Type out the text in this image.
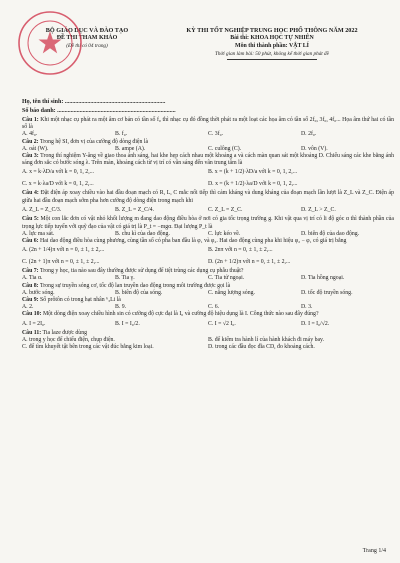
BỘ GIÁO DỤC VÀ ĐÀO TẠO
ĐỀ THI THAM KHẢO
(Đề thi có 04 trang)
KỲ THI TỐT NGHIỆP TRUNG HỌC PHỔ THÔNG NĂM 2022
Bài thi: KHOA HỌC TỰ NHIÊN
Môn thi thành phần: VẬT LÍ
Thời gian làm bài: 50 phút, không kể thời gian phát đề
Họ, tên thí sinh: ...................................................................
Số báo danh: ...............................................................................
Câu 1: Khi một nhạc cụ phát ra một âm cơ bản có tần số f₀ thì nhạc cụ đó đồng thời phát ra một loạt các họa âm có tần số 2f₀, 3f₀, 4f₀... Họa âm thứ hai có tần số là
A. 4f₀.	B. f₀.	C. 3f₀.	D. 2f₀.
Câu 2: Trong hệ SI, đơn vị của cường độ dòng điện là
A. oát (W).	B. ampe (A).	C. culông (C).	D. vôn (V).
Câu 3: Trong thí nghiệm Y-âng về giao thoa ánh sáng, hai khe hẹp cách nhau một khoảng a và cách màn quan sát một khoảng D. Chiếu sáng các khe bằng ánh sáng đơn sắc có bước sóng λ. Trên màn, khoảng cách từ vị trí có vân sáng đến vân trung tâm là
A. x = k·λD/a với k = 0, 1, 2,...	B. x = (k + 1/2)·λD/a với k = 0, 1, 2,...
C. x = k·λa/D với k = 0, 1, 2,...	D. x = (k + 1/2)·λa/D với k = 0, 1, 2,...
Câu 4: Đặt điện áp xoay chiều vào hai đầu đoạn mạch có R, L, C mắc nối tiếp thì cảm kháng và dung kháng của đoạn mạch lần lượt là Z_L và Z_C. Điện áp giữa hai đầu đoạn mạch sớm pha hơn cường độ dòng điện trong mạch khi
A. Z_L = Z_C/3.	B. Z_L = Z_C/4.	C. Z_L = Z_C.	D. Z_L > Z_C.
Câu 5: Một con lắc đơn có vật nhỏ khối lượng m đang dao động điều hòa ở nơi có gia tốc trọng trường g. Khi vật qua vị trí có li độ góc α thì thành phần của trọng lực tiếp tuyến với quỹ đạo của vật có giá trị là P_t = −mgα. Đại lượng P_t là
A. lực ma sát.	B. chu kì của dao động.	C. lực kéo về.	D. biên độ của dao động.
Câu 6: Hai dao động điều hòa cùng phương, cùng tần số có pha ban đầu là φ₁ và φ₂. Hai dao động cùng pha khi hiệu φ₂ − φ₁ có giá trị bằng
A. (2n + 1/4)π với n = 0, ± 1, ± 2,...	B. 2nπ với n = 0, ± 1, ± 2,...
C. (2n + 1)π với n = 0, ± 1, ± 2,...	D. (2n + 1/2)π với n = 0, ± 1, ± 2,...
Câu 7: Trong y học, tia nào sau đây thường được sử dụng để tiệt trùng các dụng cụ phẫu thuật?
A. Tia α.	B. Tia γ.	C. Tia tử ngoại.	D. Tia hồng ngoại.
Câu 8: Trong sự truyền sóng cơ, tốc độ lan truyền dao động trong môi trường được gọi là
A. bước sóng.	B. biên độ của sóng.	C. năng lượng sóng.	D. tốc độ truyền sóng.
Câu 9: Số prôtôn có trong hạt nhân ⁶₃Li là
A. 2.	B. 9.	C. 6.	D. 3.
Câu 10: Một dòng điện xoay chiều hình sin có cường độ cực đại là I₀ và cường độ hiệu dụng là I. Công thức nào sau đây đúng?
A. I = 2I₀.	B. I = I₀/2.	C. I = √2 I₀.	D. I = I₀/√2.
Câu 11: Tia laze được dùng
A. trong y học để chiếu điện, chụp điện.	B. để kiểm tra hành lí của hành khách đi máy bay.
C. để tìm khuyết tật bên trong các vật đúc bằng kim loại.	D. trong các đầu đọc đĩa CD, đo khoảng cách.
Trang 1/4
